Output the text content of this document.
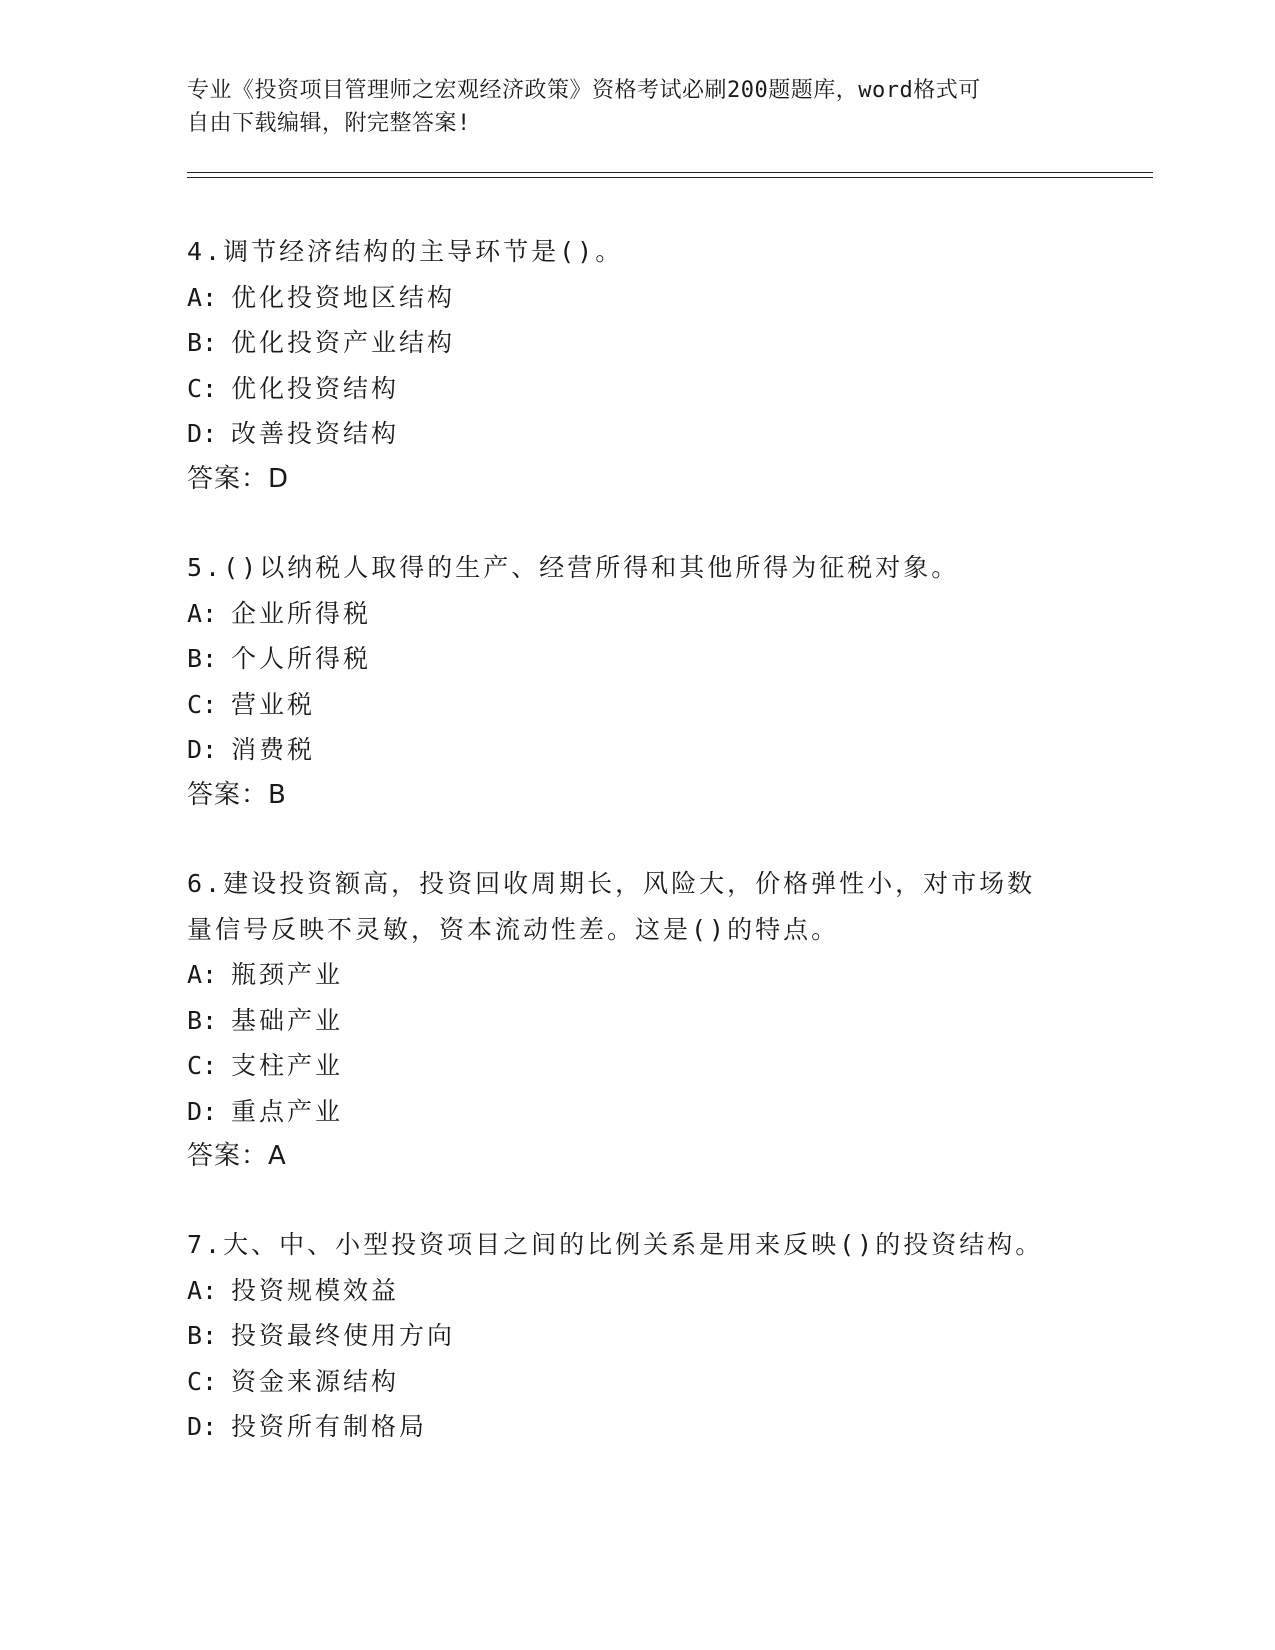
专业《投资项目管理师之宏观经济政策》资格考试必刷200题题库，word格式可
自由下载编辑，附完整答案!
4.调节经济结构的主导环节是()。
A: 优化投资地区结构
B: 优化投资产业结构
C: 优化投资结构
D: 改善投资结构
答案：D
5.()以纳税人取得的生产、经营所得和其他所得为征税对象。
A: 企业所得税
B: 个人所得税
C: 营业税
D: 消费税
答案：B
6.建设投资额高，投资回收周期长，风险大，价格弹性小，对市场数
量信号反映不灵敏，资本流动性差。这是()的特点。
A: 瓶颈产业
B: 基础产业
C: 支柱产业
D: 重点产业
答案：A
7.大、中、小型投资项目之间的比例关系是用来反映()的投资结构。
A: 投资规模效益
B: 投资最终使用方向
C: 资金来源结构
D: 投资所有制格局
